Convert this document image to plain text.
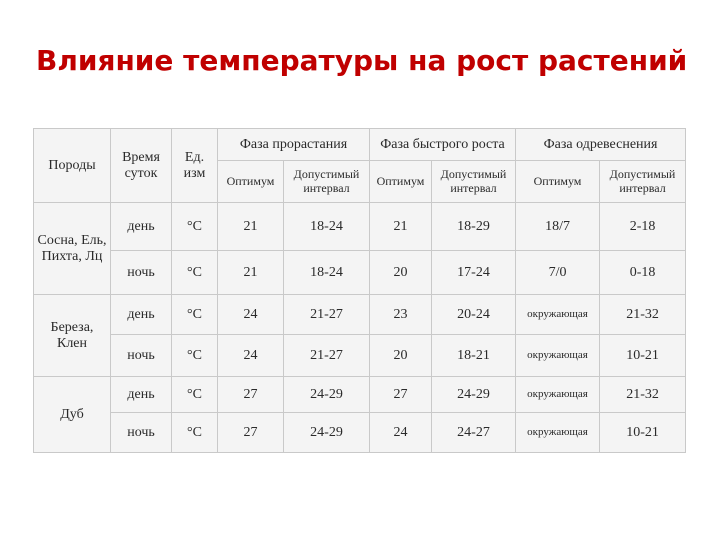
Влияние температуры на рост растений
Породы	Время суток	Ед. изм	Фаза прорастания		Фаза быстрого роста		Фаза одревеснения	
			Оптимум	Допустимый интервал	Оптимум	Допустимый интервал	Оптимум	Допустимый интервал
Сосна, Ель, Пихта, Лц	день	°С	21	18-24	21	18-29	18/7	2-18
	ночь	°С	21	18-24	20	17-24	7/0	0-18
Береза, Клен	день	°С	24	21-27	23	20-24	окружающая	21-32
	ночь	°С	24	21-27	20	18-21	окружающая	10-21
Дуб	день	°С	27	24-29	27	24-29	окружающая	21-32
	ночь	°С	27	24-29	24	24-27	окружающая	10-21
